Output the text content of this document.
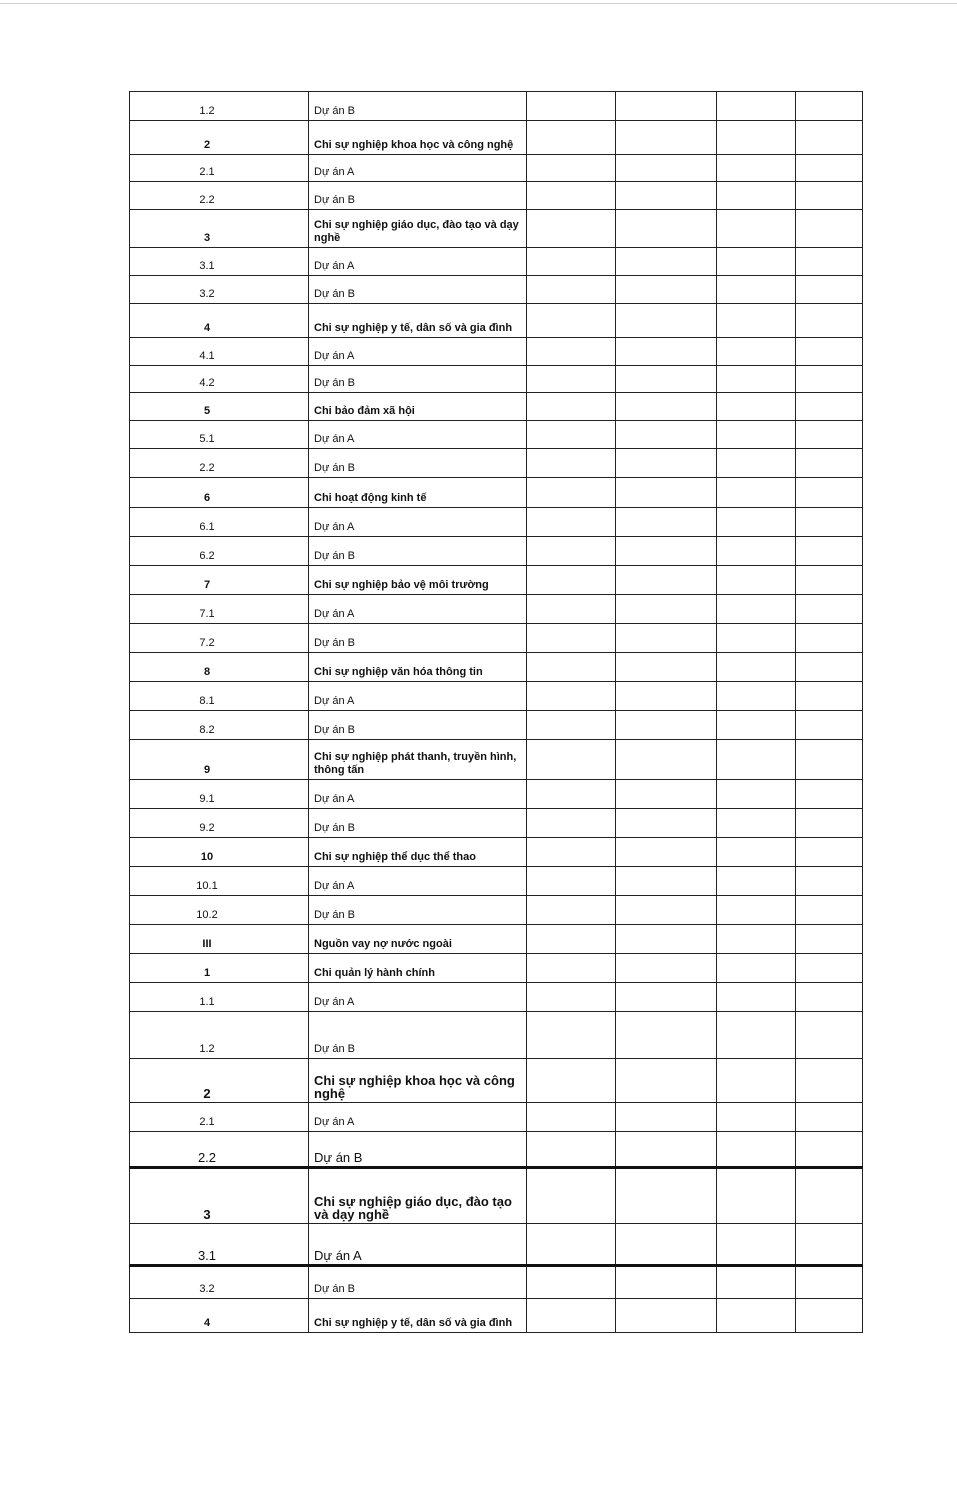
1.2	Dự án B				
2	Chi sự nghiệp khoa học và công nghệ				
2.1	Dự án A				
2.2	Dự án B				
3	Chi sự nghiệp giáo dục, đào tạo và dạy nghề				
3.1	Dự án A				
3.2	Dự án B				
4	Chi sự nghiệp y tế, dân số và gia đình				
4.1	Dự án A				
4.2	Dự án B				
5	Chi bảo đảm xã hội				
5.1	Dự án A				
2.2	Dự án B				
6	Chi hoạt động kinh tế				
6.1	Dự án A				
6.2	Dự án B				
7	Chi sự nghiệp bảo vệ môi trường				
7.1	Dự án A				
7.2	Dự án B				
8	Chi sự nghiệp văn hóa thông tin				
8.1	Dự án A				
8.2	Dự án B				
9	Chi sự nghiệp phát thanh, truyền hình, thông tấn				
9.1	Dự án A				
9.2	Dự án B				
10	Chi sự nghiệp thể dục thể thao				
10.1	Dự án A				
10.2	Dự án B				
III	Nguồn vay nợ nước ngoài				
1	Chi quản lý hành chính				
1.1	Dự án A				
1.2	Dự án B				
2	Chi sự nghiệp khoa học và công nghệ				
2.1	Dự án A				
2.2	Dự án B				
3	Chi sự nghiệp giáo dục, đào tạo và dạy nghề				
3.1	Dự án A				
3.2	Dự án B				
4	Chi sự nghiệp y tế, dân số và gia đình				
